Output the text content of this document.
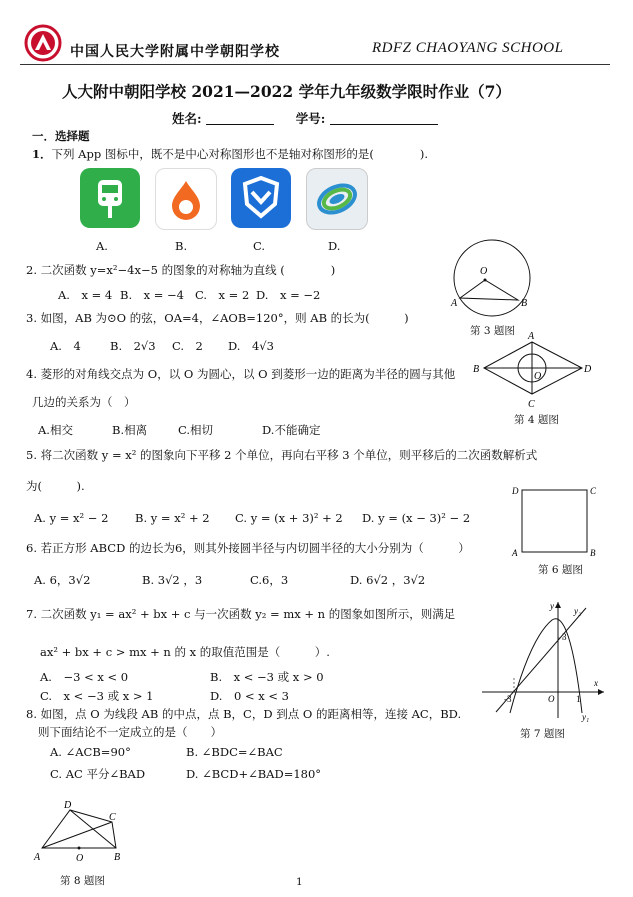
中国人民大学附属中学朝阳学校	RDFZ CHAOYANG SCHOOL
人大附中朝阳学校 2021—2022 学年九年级数学限时作业（7）
姓名:	学号:
一．选择题
1．下列 App 图标中，既不是中心对称图形也不是轴对称图形的是(　　　　).
A.	B.	C.	D.
2. 二次函数 y=x²−4x−5 的图象的对称轴为直线 (　　　　)
A.　x = 4 B.　x = −4 C.　x = 2 D.　x = −2
3. 如图，AB 为⊙O 的弦，OA=4，∠AOB=120°，则 AB 的长为(　　　)
A.　4	B.　2√3 C.　2 D.　4√3
O
A	B
第 3 题图 A
B
C
D
O
第 4 题图
4. 菱形的对角线交点为 O，以 O 为圆心，以 O 到菱形一边的距离为半径的圆与其他
几边的关系为（　）
A.相交	B.相离	C.相切	D.不能确定
5. 将二次函数 y = x² 的图象向下平移 2 个单位，再向右平移 3 个单位，则平移后的二次函数解析式
为(　　　).
A. y = x² − 2 B. y = x² + 2 C. y = (x + 3)² + 2 D. y = (x − 3)² − 2
D	C
A	B
第 6 题图
6. 若正方形 ABCD 的边长为6，则其外接圆半径与内切圆半径的大小分别为（　　　）
A. 6，3√2	B. 3√2 ，3	C.6，3	D. 6√2 ，3√2
7. 二次函数 y₁ = ax² + bx + c 与一次函数 y₂ = mx + n 的图象如图所示，则满足
ax² + bx + c > mx + n 的 x 的取值范围是（　　　）.
A.　−3 < x < 0	B.　x < −3 或 x > 0
C.　x < −3 或 x > 1	D.　0 < x < 3
y y₂
y₁
x
3
-3	O 1
第 7 题图
8. 如图，点 O 为线段 AB 的中点，点 B，C，D 到点 O 的距离相等，连接 AC，BD.
则下面结论不一定成立的是（　　）
A. ∠ACB=90°	B. ∠BDC=∠BAC
C. AC 平分∠BAD	D. ∠BCD+∠BAD=180°
D
C
A	O	B
第 8 题图	1
